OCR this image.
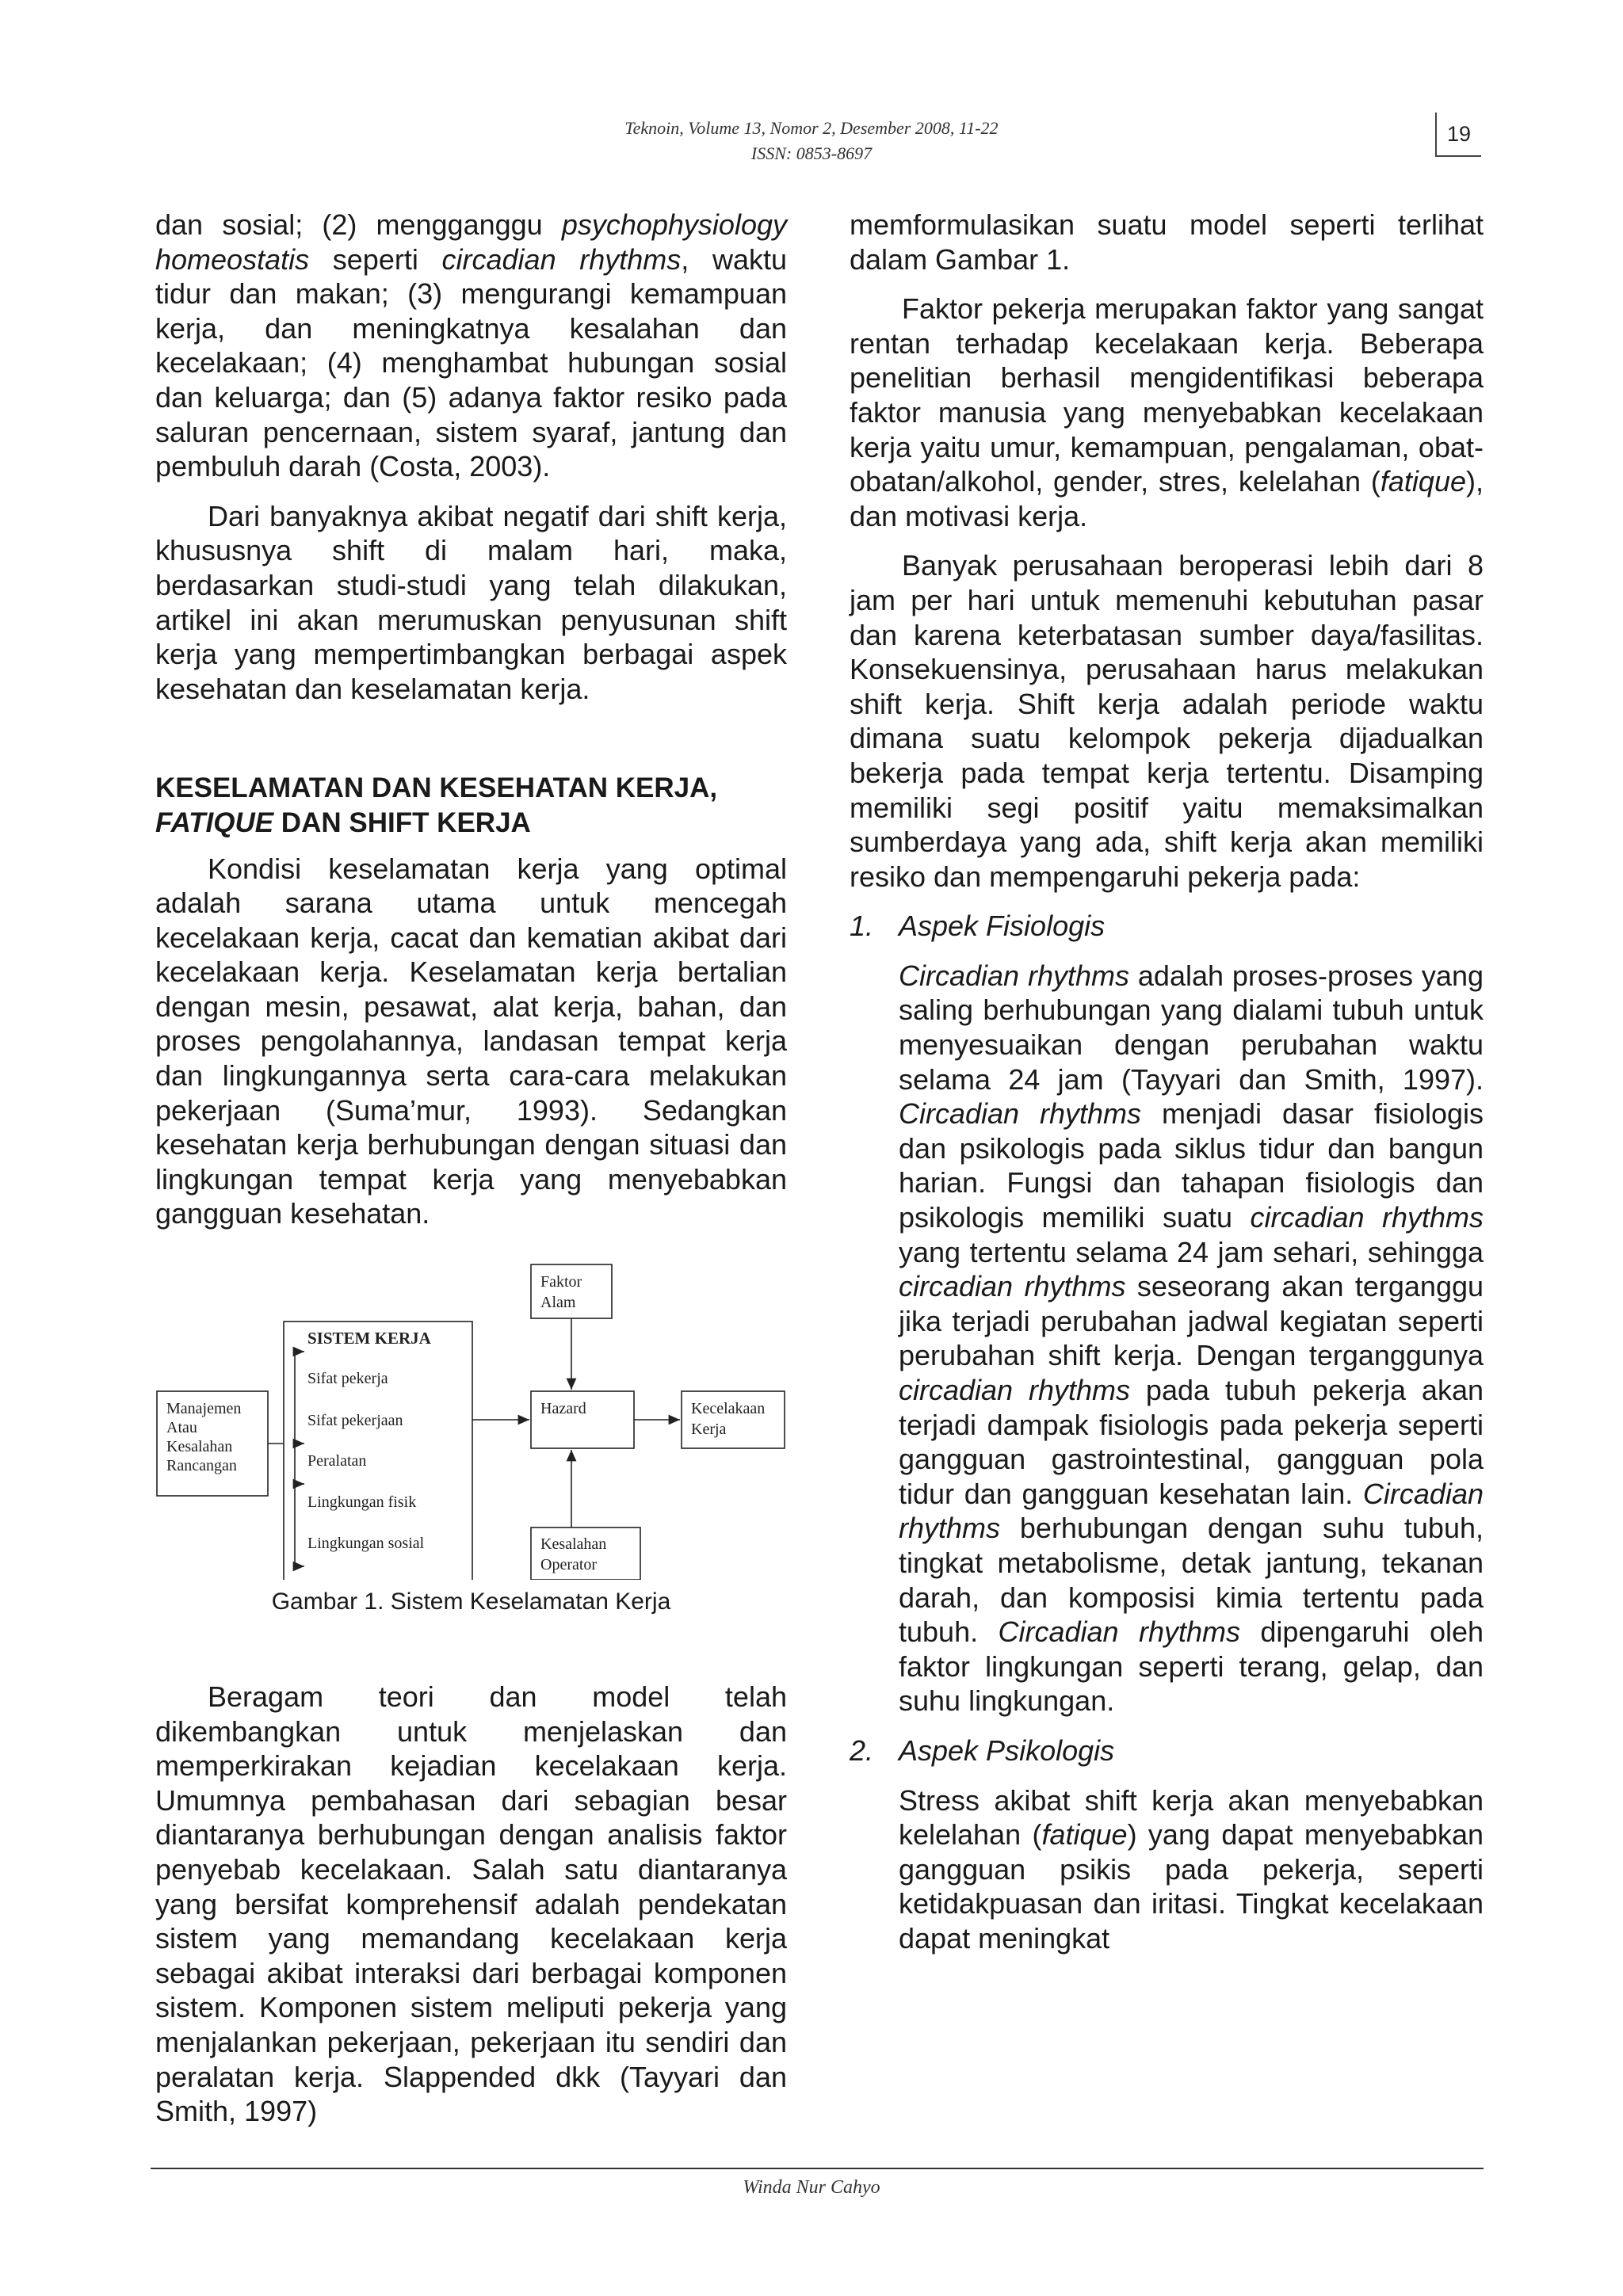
Teknoin, Volume 13, Nomor 2, Desember 2008, 11-22
ISSN: 0853-8697
19

dan sosial; (2) mengganggu psychophysiology homeostatis seperti circadian rhythms, waktu tidur dan makan; (3) mengurangi kemampuan kerja, dan meningkatnya kesalahan dan kecelakaan; (4) menghambat hubungan sosial dan keluarga; dan (5) adanya faktor resiko pada saluran pencernaan, sistem syaraf, jantung dan pembuluh darah (Costa, 2003).

Dari banyaknya akibat negatif dari shift kerja, khususnya shift di malam hari, maka, berdasarkan studi-studi yang telah dilakukan, artikel ini akan merumuskan penyusunan shift kerja yang mempertimbangkan berbagai aspek kesehatan dan keselamatan kerja.

KESELAMATAN DAN KESEHATAN KERJA,
FATIQUE DAN SHIFT KERJA

Kondisi keselamatan kerja yang optimal adalah sarana utama untuk mencegah kecelakaan kerja, cacat dan kematian akibat dari kecelakaan kerja. Keselamatan kerja bertalian dengan mesin, pesawat, alat kerja, bahan, dan proses pengolahannya, landasan tempat kerja dan lingkungannya serta cara-cara melakukan pekerjaan (Suma’mur, 1993). Sedangkan kesehatan kerja berhubungan dengan situasi dan lingkungan tempat kerja yang menyebabkan gangguan kesehatan.

Manajemen
Atau
Kesalahan
Rancangan
SISTEM KERJA
Sifat pekerja
Sifat pekerjaan
Peralatan
Lingkungan fisik
Lingkungan sosial
Faktor
Alam
Hazard	Kecelakaan
Kerja
Kesalahan
Operator

Gambar 1. Sistem Keselamatan Kerja

Beragam teori dan model telah dikembangkan untuk menjelaskan dan memperkirakan kejadian kecelakaan kerja. Umumnya pembahasan dari sebagian besar diantaranya berhubungan dengan analisis faktor penyebab kecelakaan. Salah satu diantaranya yang bersifat komprehensif adalah pendekatan sistem yang memandang kecelakaan kerja sebagai akibat interaksi dari berbagai komponen sistem. Komponen sistem meliputi pekerja yang menjalankan pekerjaan, pekerjaan itu sendiri dan peralatan kerja. Slappended dkk (Tayyari dan Smith, 1997)

memformulasikan suatu model seperti terlihat dalam Gambar 1.

Faktor pekerja merupakan faktor yang sangat rentan terhadap kecelakaan kerja. Beberapa penelitian berhasil mengidentifikasi beberapa faktor manusia yang menyebabkan kecelakaan kerja yaitu umur, kemampuan, pengalaman, obat-obatan/alkohol, gender, stres, kelelahan (fatique), dan motivasi kerja.

Banyak perusahaan beroperasi lebih dari 8 jam per hari untuk memenuhi kebutuhan pasar dan karena keterbatasan sumber daya/fasilitas. Konsekuensinya, perusahaan harus melakukan shift kerja. Shift kerja adalah periode waktu dimana suatu kelompok pekerja dijadualkan bekerja pada tempat kerja tertentu. Disamping memiliki segi positif yaitu memaksimalkan sumberdaya yang ada, shift kerja akan memiliki resiko dan mempengaruhi pekerja pada:

1. Aspek Fisiologis

Circadian rhythms adalah proses-proses yang saling berhubungan yang dialami tubuh untuk menyesuaikan dengan perubahan waktu selama 24 jam (Tayyari dan Smith, 1997). Circadian rhythms menjadi dasar fisiologis dan psikologis pada siklus tidur dan bangun harian. Fungsi dan tahapan fisiologis dan psikologis memiliki suatu circadian rhythms yang tertentu selama 24 jam sehari, sehingga circadian rhythms seseorang akan terganggu jika terjadi perubahan jadwal kegiatan seperti perubahan shift kerja. Dengan terganggunya circadian rhythms pada tubuh pekerja akan terjadi dampak fisiologis pada pekerja seperti gangguan gastrointestinal, gangguan pola tidur dan gangguan kesehatan lain. Circadian rhythms berhubungan dengan suhu tubuh, tingkat metabolisme, detak jantung, tekanan darah, dan komposisi kimia tertentu pada tubuh. Circadian rhythms dipengaruhi oleh faktor lingkungan seperti terang, gelap, dan suhu lingkungan.

2. Aspek Psikologis

Stress akibat shift kerja akan menyebabkan kelelahan (fatique) yang dapat menyebabkan gangguan psikis pada pekerja, seperti ketidakpuasan dan iritasi. Tingkat kecelakaan dapat meningkat

Winda Nur Cahyo
